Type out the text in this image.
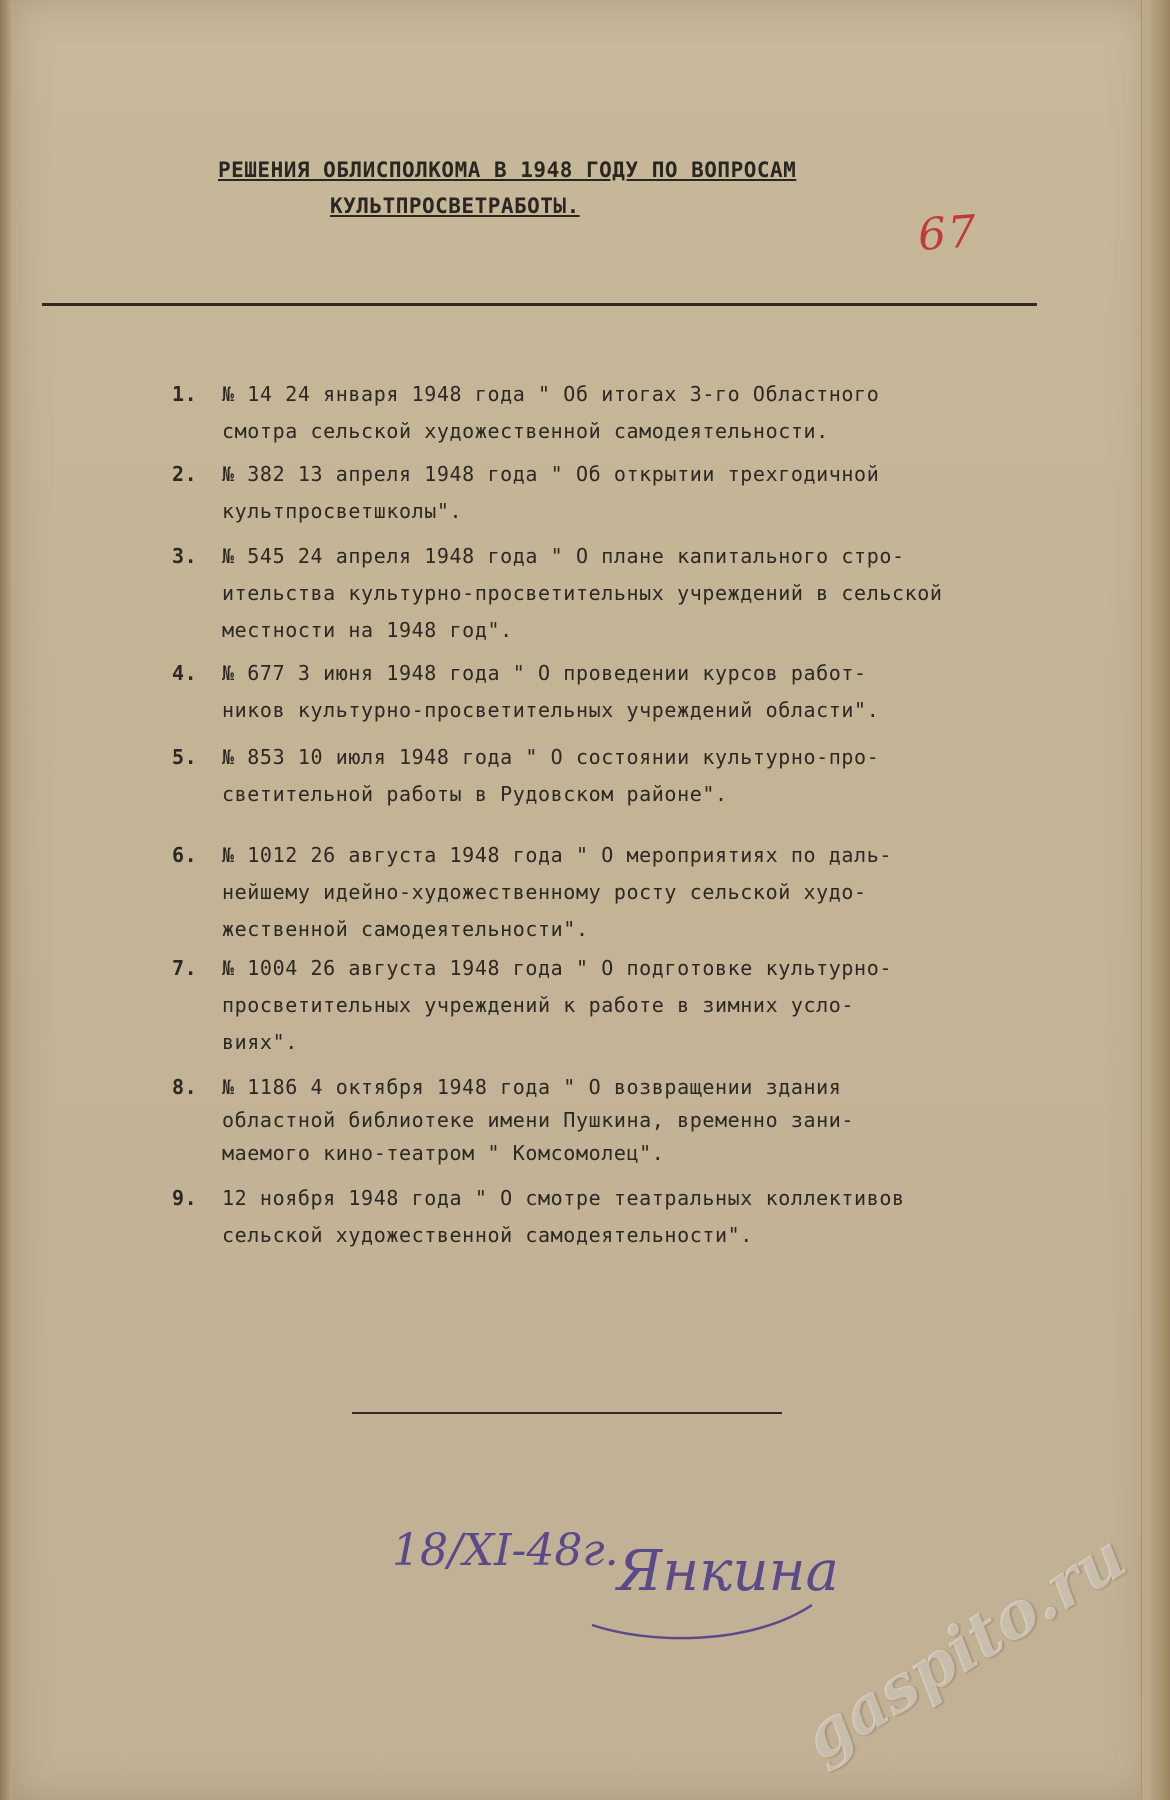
РЕШЕНИЯ ОБЛИСПОЛКОМА В 1948 ГОДУ ПО ВОПРОСАМ
КУЛЬТПРОСВЕТРАБОТЫ.	67
1.	№ 14 24 января 1948 года " Об итогах 3-го Областного
смотра сельской художественной самодеятельности.
2.	№ 382 13 апреля 1948 года " Об открытии трехгодичной
культпросветшколы".
3.	№ 545 24 апреля 1948 года " О плане капитального стро-
ительства культурно-просветительных учреждений в сельской
местности на 1948 год".
4.	№ 677 3 июня 1948 года " О проведении курсов работ-
ников культурно-просветительных учреждений области".
5.	№ 853 10 июля 1948 года " О состоянии культурно-про-
светительной работы в Рудовском районе".
6.	№ 1012 26 августа 1948 года " О мероприятиях по даль-
нейшему идейно-художественному росту сельской худо-
жественной самодеятельности".
7.	№ 1004 26 августа 1948 года " О подготовке культурно-
просветительных учреждений к работе в зимних усло-
виях".
8.	№ 1186 4 октября 1948 года " О возвращении здания
областной библиотеке имени Пушкина, временно зани-
маемого кино-театром " Комсомолец".
9.	12 ноября 1948 года " О смотре театральных коллективов
сельской художественной самодеятельности".
18/XI-48г.
Янкина
gaspito.ru
